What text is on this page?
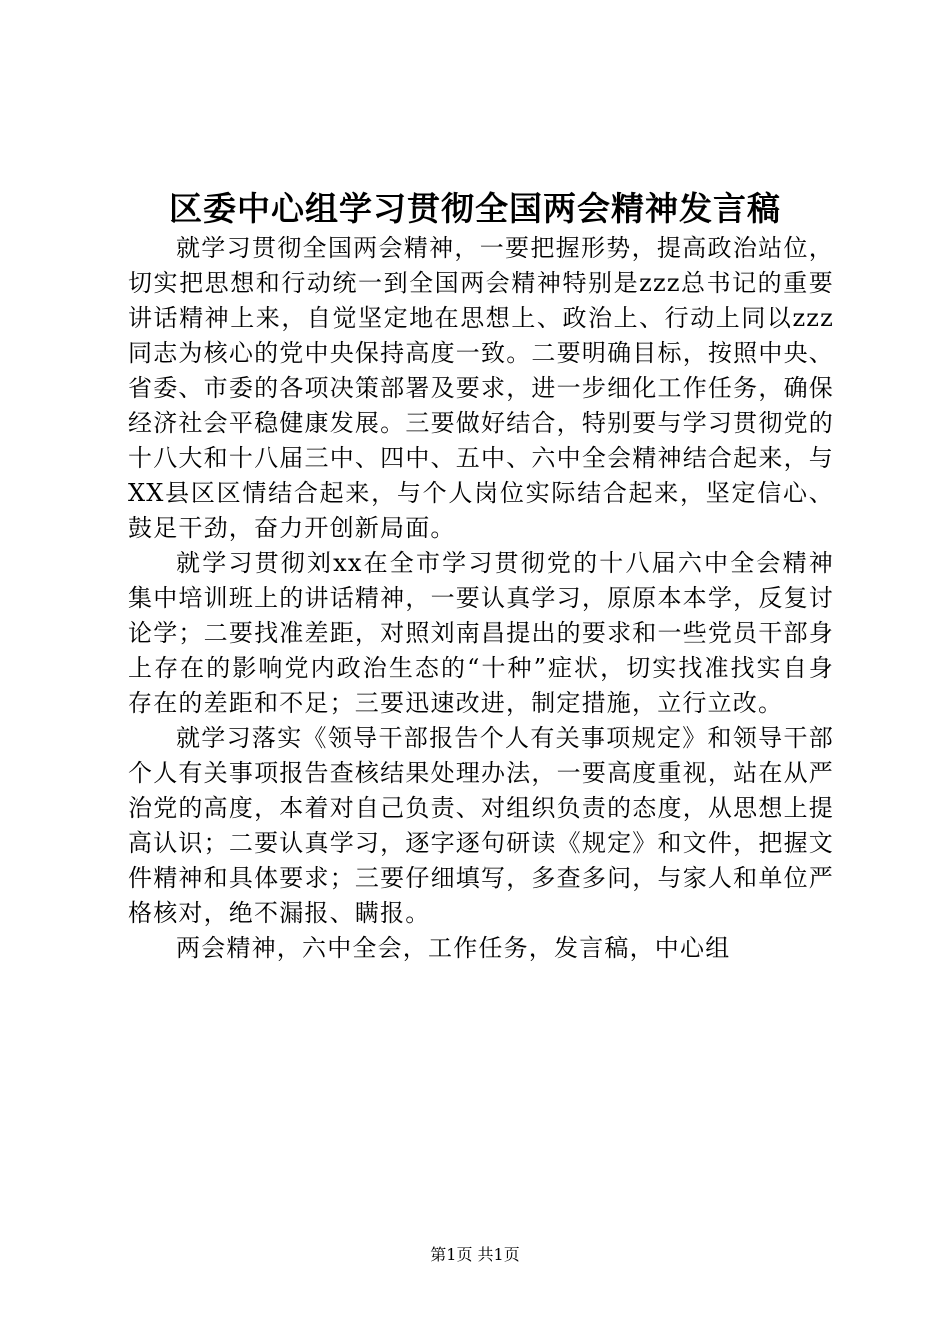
区委中心组学习贯彻全国两会精神发言稿

就学习贯彻全国两会精神，一要把握形势，提高政治站位，切实把思想和行动统一到全国两会精神特别是zzz总书记的重要讲话精神上来，自觉坚定地在思想上、政治上、行动上同以zzz同志为核心的党中央保持高度一致。二要明确目标，按照中央、省委、市委的各项决策部署及要求，进一步细化工作任务，确保经济社会平稳健康发展。三要做好结合，特别要与学习贯彻党的十八大和十八届三中、四中、五中、六中全会精神结合起来，与XX县区区情结合起来，与个人岗位实际结合起来，坚定信心、鼓足干劲，奋力开创新局面。

就学习贯彻刘xx在全市学习贯彻党的十八届六中全会精神集中培训班上的讲话精神，一要认真学习，原原本本学，反复讨论学；二要找准差距，对照刘南昌提出的要求和一些党员干部身上存在的影响党内政治生态的“十种”症状，切实找准找实自身存在的差距和不足；三要迅速改进，制定措施，立行立改。

就学习落实《领导干部报告个人有关事项规定》和领导干部个人有关事项报告查核结果处理办法，一要高度重视，站在从严治党的高度，本着对自己负责、对组织负责的态度，从思想上提高认识；二要认真学习，逐字逐句研读《规定》和文件，把握文件精神和具体要求；三要仔细填写，多查多问，与家人和单位严格核对，绝不漏报、瞒报。

两会精神，六中全会，工作任务，发言稿，中心组

第1页 共1页
